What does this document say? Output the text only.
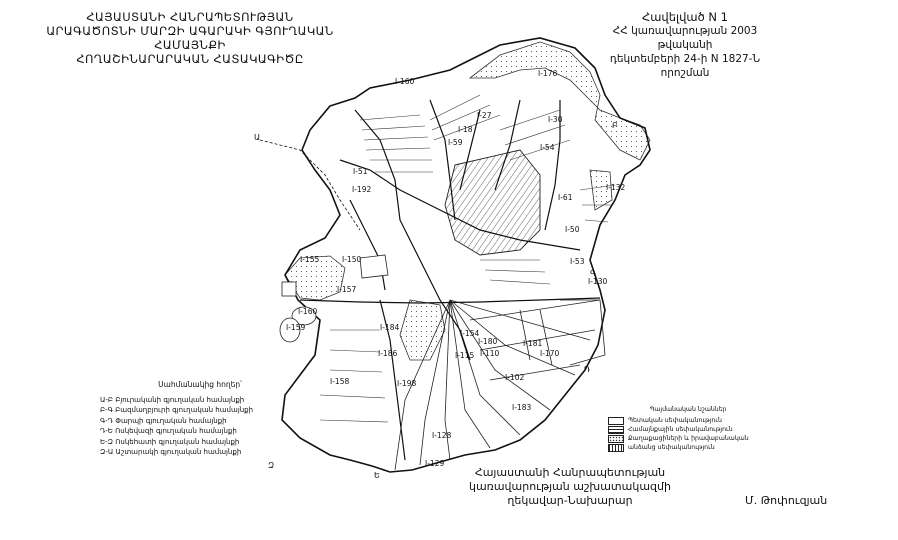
I-160
I-176
I-30
I-18
I-59
I-54
I-51
I-61
I-132
I-50
I-53
I-150
I-130
I-155
I-157
I-159
I-160
I-184
I-186
I-158	I-198
I-115
I-154
I-110
I-180	I-181
I-102
I-183
I-128
I-129
I-170
I-192
I-27
Ա
Բ
Գ
Դ
Ե
Զ
ՀԱՅԱՍՏԱՆԻ ՀԱՆՐԱՊԵՏՈՒԹՅԱՆ
ԱՐԱԳԱԾՈՏՆԻ ՄԱՐԶԻ ԱԳԱՐԱԿԻ ԳՅՈՒՂԱԿԱՆ ՀԱՄԱՅՆՔԻ
ՀՈՂԱՇԻՆԱՐԱՐԱԿԱՆ ՀԱՏԱԿԱԳԻԾԸ
Հավելված N 1
ՀՀ կառավարության 2003 թվականի
դեկտեմբերի 24-ի N 1827-Ն որոշման
Սահմանակից հողեր՝
Ա-Բ Բյուրականի գյուղական համայնքի
Բ-Գ Բազմաղբյուրի գյուղական համայնքի
Գ-Դ Փարպի գյուղական համայնքի
Դ-Ե Ոսկեվազի գյուղական համայնքի
Ե-Զ Ոսկեհատի գյուղական համայնքի
Զ-Ա Աշտարակի գյուղական համայնքի
Պայմանական նշաններ
Պետական սեփականություն
Համայնքային սեփականություն
Քաղաքացիների և իրավաբանական
անձանց սեփականություն
Հայաստանի Հանրապետության
կառավարության աշխատակազմի
ղեկավար-Նախարար	Մ. Թոփուզյան
